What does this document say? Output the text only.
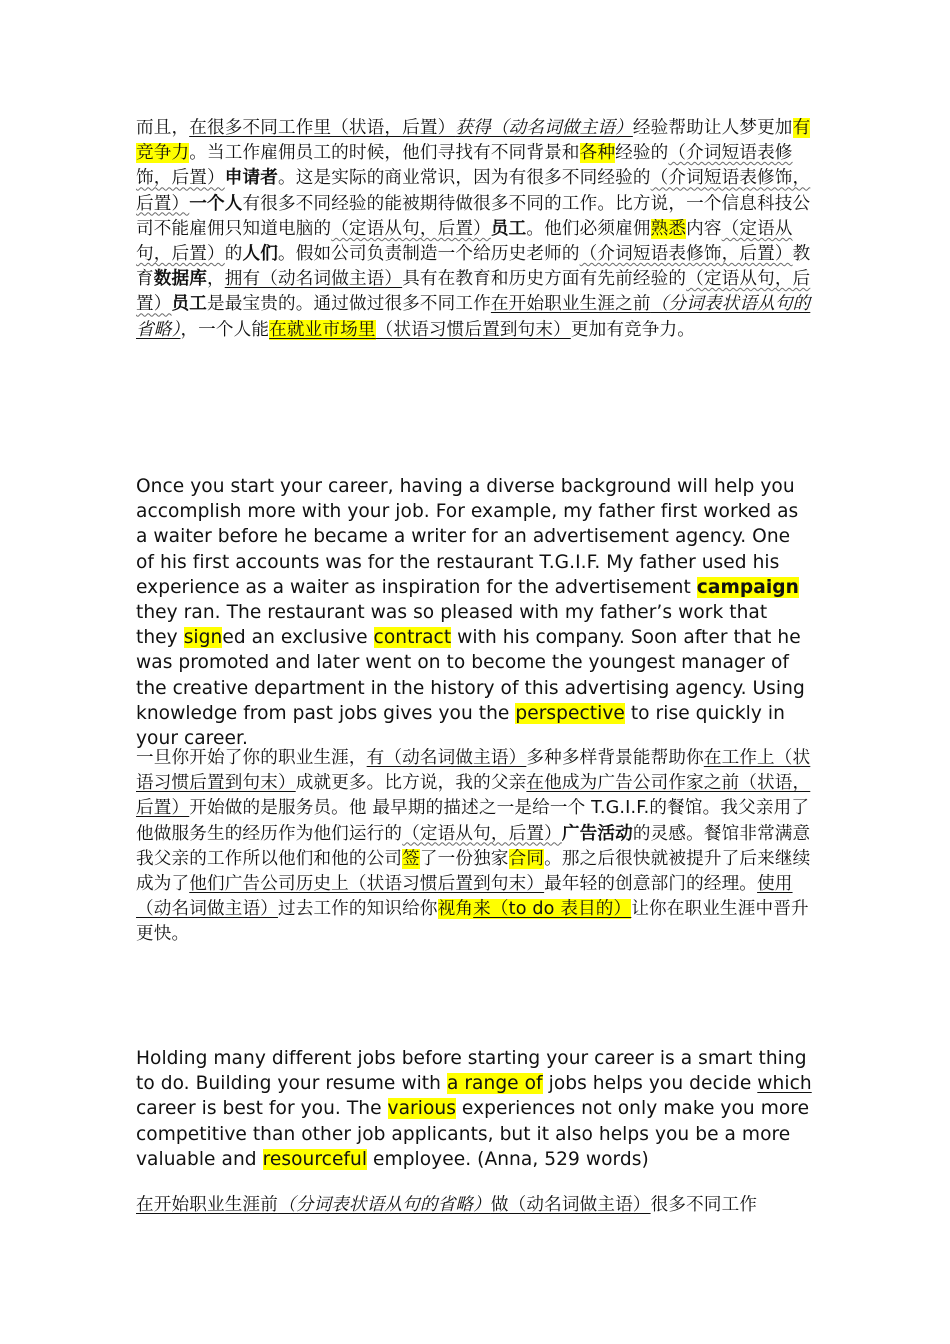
而且，在很多不同工作里（状语，后置）获得（动名词做主语）经验帮助让人梦更加有竞争力。当工作雇佣员工的时候，他们寻找有不同背景和各种经验的（介词短语表修饰，后置）申请者。这是实际的商业常识，因为有很多不同经验的（介词短语表修饰，后置）一个人有很多不同经验的能被期待做很多不同的工作。比方说，一个信息科技公司不能雇佣只知道电脑的（定语从句，后置）员工。他们必须雇佣熟悉内容（定语从句，后置）的人们。假如公司负责制造一个给历史老师的（介词短语表修饰，后置）教育数据库，拥有（动名词做主语）具有在教育和历史方面有先前经验的（定语从句，后置）员工是最宝贵的。通过做过很多不同工作在开始职业生涯之前（分词表状语从句的省略），一个人能在就业市场里（状语习惯后置到句末）更加有竞争力。

Once you start your career, having a diverse background will help you accomplish more with your job. For example, my father first worked as a waiter before he became a writer for an advertisement agency. One of his first accounts was for the restaurant T.G.I.F. My father used his experience as a waiter as inspiration for the advertisement campaign they ran. The restaurant was so pleased with my father’s work that they signed an exclusive contract with his company. Soon after that he was promoted and later went on to become the youngest manager of the creative department in the history of this advertising agency. Using knowledge from past jobs gives you the perspective to rise quickly in your career.

一旦你开始了你的职业生涯，有（动名词做主语）多种多样背景能帮助你在工作上（状语习惯后置到句末）成就更多。比方说，我的父亲在他成为广告公司作家之前（状语，后置）开始做的是服务员。他 最早期的描述之一是给一个 T.G.I.F.的餐馆。我父亲用了他做服务生的经历作为他们运行的（定语从句，后置）广告活动的灵感。餐馆非常满意我父亲的工作所以他们和他的公司签了一份独家合同。那之后很快就被提升了后来继续成为了他们广告公司历史上（状语习惯后置到句末）最年轻的创意部门的经理。使用（动名词做主语）过去工作的知识给你视角来（to do 表目的）让你在职业生涯中晋升更快。

Holding many different jobs before starting your career is a smart thing to do. Building your resume with a range of jobs helps you decide which career is best for you. The various experiences not only make you more competitive than other job applicants, but it also helps you be a more valuable and resourceful employee. (Anna, 529 words)

在开始职业生涯前（分词表状语从句的省略）做（动名词做主语）很多不同工作
